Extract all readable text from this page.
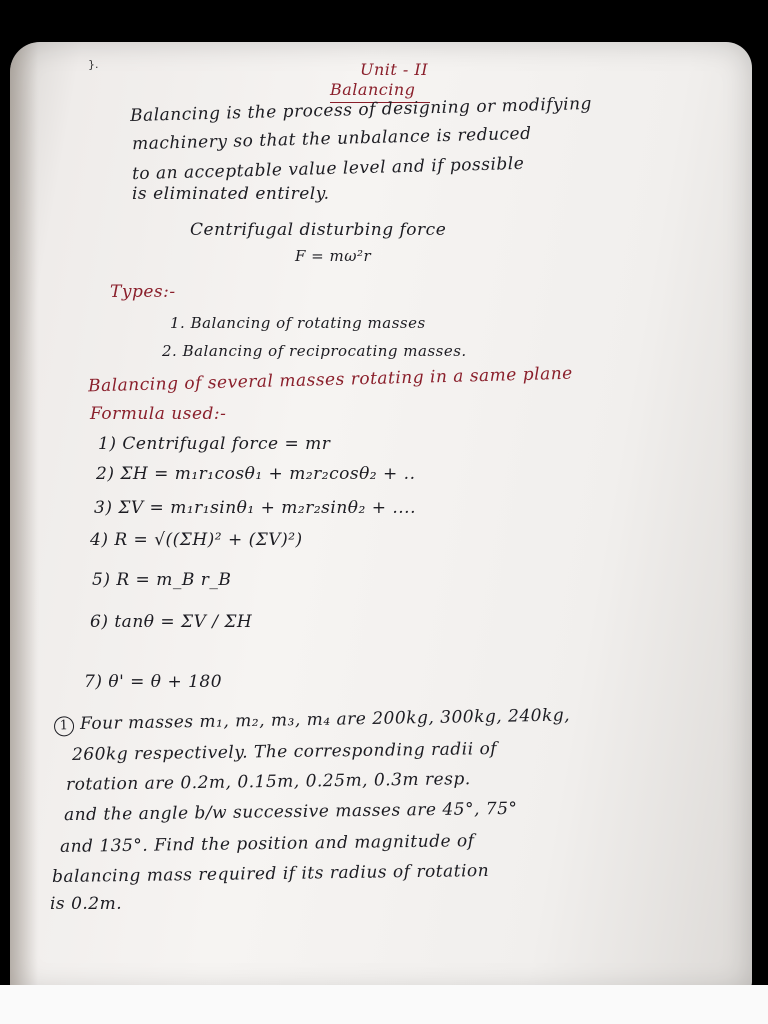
}.	Unit - II
Balancing
Balancing is the process of designing or modifying
machinery so that the unbalance is reduced
to an acceptable value level and if possible
is eliminated entirely.
Centrifugal disturbing force
F = mω²r
Types:-
1. Balancing of rotating masses
2. Balancing of reciprocating masses.
Balancing of several masses rotating in a same plane
Formula used:-
1) Centrifugal force = mr
2) ΣH = m₁r₁cosθ₁ + m₂r₂cosθ₂ + ..
3) ΣV = m₁r₁sinθ₁ + m₂r₂sinθ₂ + ....
4) R = √((ΣH)² + (ΣV)²)
5) R = m_B r_B
6) tanθ = ΣV / ΣH
7) θ' = θ + 180
1 Four masses m₁, m₂, m₃, m₄ are 200kg, 300kg, 240kg,
260kg respectively. The corresponding radii of
rotation are 0.2m, 0.15m, 0.25m, 0.3m resp.
and the angle b/w successive masses are 45°, 75°
and 135°. Find the position and magnitude of
balancing mass required if its radius of rotation
is 0.2m.
